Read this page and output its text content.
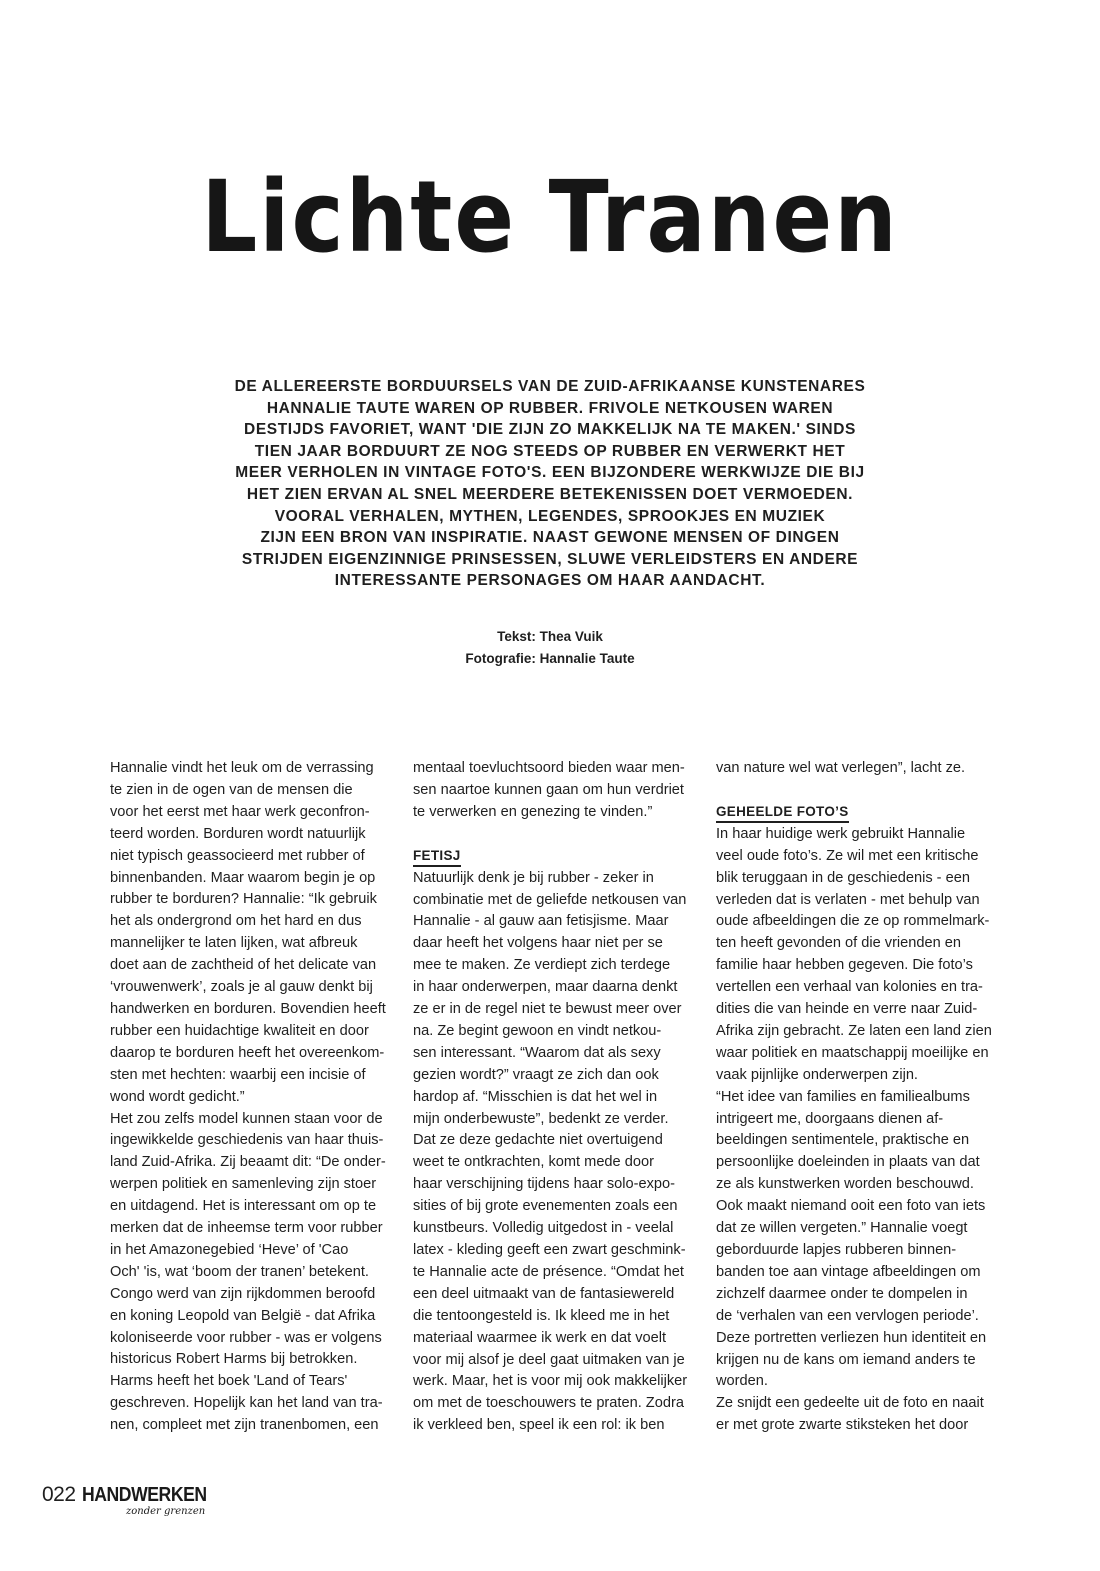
Lichte Tranen
DE ALLEREERSTE BORDUURSELS VAN DE ZUID-AFRIKAANSE KUNSTENARES
HANNALIE TAUTE WAREN OP RUBBER. FRIVOLE NETKOUSEN WAREN
DESTIJDS FAVORIET, WANT 'DIE ZIJN ZO MAKKELIJK NA TE MAKEN.' SINDS
TIEN JAAR BORDUURT ZE NOG STEEDS OP RUBBER EN VERWERKT HET
MEER VERHOLEN IN VINTAGE FOTO'S. EEN BIJZONDERE WERKWIJZE DIE BIJ
HET ZIEN ERVAN AL SNEL MEERDERE BETEKENISSEN DOET VERMOEDEN.
VOORAL VERHALEN, MYTHEN, LEGENDES, SPROOKJES EN MUZIEK
ZIJN EEN BRON VAN INSPIRATIE. NAAST GEWONE MENSEN OF DINGEN
STRIJDEN EIGENZINNIGE PRINSESSEN, SLUWE VERLEIDSTERS EN ANDERE
INTERESSANTE PERSONAGES OM HAAR AANDACHT.
Tekst: Thea Vuik
Fotografie: Hannalie Taute
Hannalie vindt het leuk om de verrassing
te zien in de ogen van de mensen die
voor het eerst met haar werk geconfron-
teerd worden. Borduren wordt natuurlijk
niet typisch geassocieerd met rubber of
binnenbanden. Maar waarom begin je op
rubber te borduren? Hannalie: “Ik gebruik
het als ondergrond om het hard en dus
mannelijker te laten lijken, wat afbreuk
doet aan de zachtheid of het delicate van
‘vrouwenwerk’, zoals je al gauw denkt bij
handwerken en borduren. Bovendien heeft
rubber een huidachtige kwaliteit en door
daarop te borduren heeft het overeenkom-
sten met hechten: waarbij een incisie of
wond wordt gedicht.”
Het zou zelfs model kunnen staan voor de
ingewikkelde geschiedenis van haar thuis-
land Zuid-Afrika. Zij beaamt dit: “De onder-
werpen politiek en samenleving zijn stoer
en uitdagend. Het is interessant om op te
merken dat de inheemse term voor rubber
in het Amazonegebied ‘Heve’ of 'Cao
Och' 'is, wat ‘boom der tranen’ betekent.
Congo werd van zijn rijkdommen beroofd
en koning Leopold van België - dat Afrika
koloniseerde voor rubber - was er volgens
historicus Robert Harms bij betrokken.
Harms heeft het boek 'Land of Tears'
geschreven. Hopelijk kan het land van tra-
nen, compleet met zijn tranenbomen, een
mentaal toevluchtsoord bieden waar men-
sen naartoe kunnen gaan om hun verdriet
te verwerken en genezing te vinden.”
FETISJ
Natuurlijk denk je bij rubber - zeker in
combinatie met de geliefde netkousen van
Hannalie - al gauw aan fetisjisme. Maar
daar heeft het volgens haar niet per se
mee te maken. Ze verdiept zich terdege
in haar onderwerpen, maar daarna denkt
ze er in de regel niet te bewust meer over
na. Ze begint gewoon en vindt netkou-
sen interessant. “Waarom dat als sexy
gezien wordt?” vraagt ze zich dan ook
hardop af. “Misschien is dat het wel in
mijn onderbewuste”, bedenkt ze verder.
Dat ze deze gedachte niet overtuigend
weet te ontkrachten, komt mede door
haar verschijning tijdens haar solo-expo-
sities of bij grote evenementen zoals een
kunstbeurs. Volledig uitgedost in - veelal
latex - kleding geeft een zwart geschmink-
te Hannalie acte de présence. “Omdat het
een deel uitmaakt van de fantasiewereld
die tentoongesteld is. Ik kleed me in het
materiaal waarmee ik werk en dat voelt
voor mij alsof je deel gaat uitmaken van je
werk. Maar, het is voor mij ook makkelijker
om met de toeschouwers te praten. Zodra
ik verkleed ben, speel ik een rol: ik ben
van nature wel wat verlegen”, lacht ze.
GEHEELDE FOTO’S
In haar huidige werk gebruikt Hannalie
veel oude foto’s. Ze wil met een kritische
blik teruggaan in de geschiedenis - een
verleden dat is verlaten - met behulp van
oude afbeeldingen die ze op rommelmark-
ten heeft gevonden of die vrienden en
familie haar hebben gegeven. Die foto’s
vertellen een verhaal van kolonies en tra-
dities die van heinde en verre naar Zuid-
Afrika zijn gebracht. Ze laten een land zien
waar politiek en maatschappij moeilijke en
vaak pijnlijke onderwerpen zijn.
“Het idee van families en familiealbums
intrigeert me, doorgaans dienen af-
beeldingen sentimentele, praktische en
persoonlijke doeleinden in plaats van dat
ze als kunstwerken worden beschouwd.
Ook maakt niemand ooit een foto van iets
dat ze willen vergeten.” Hannalie voegt
geborduurde lapjes rubberen binnen-
banden toe aan vintage afbeeldingen om
zichzelf daarmee onder te dompelen in
de ‘verhalen van een vervlogen periode’.
Deze portretten verliezen hun identiteit en
krijgen nu de kans om iemand anders te
worden.
Ze snijdt een gedeelte uit de foto en naait
er met grote zwarte stiksteken het door
022 HANDWERKEN
zonder grenzen
